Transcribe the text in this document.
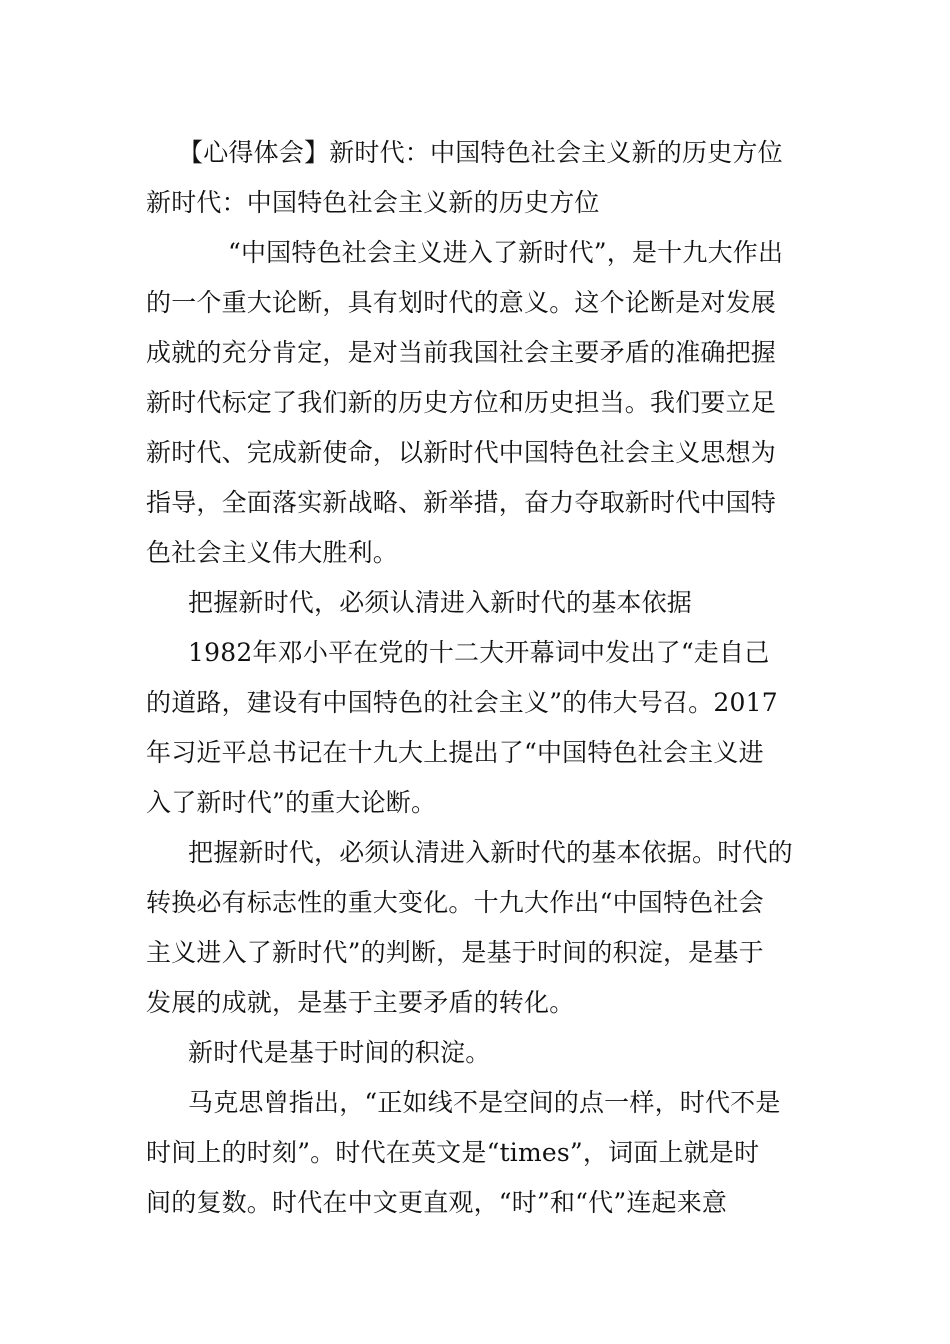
【心得体会】新时代：中国特色社会主义新的历史方位
新时代：中国特色社会主义新的历史方位
“中国特色社会主义进入了新时代”，是十九大作出
的一个重大论断，具有划时代的意义。这个论断是对发展
成就的充分肯定，是对当前我国社会主要矛盾的准确把握
新时代标定了我们新的历史方位和历史担当。我们要立足
新时代、完成新使命，以新时代中国特色社会主义思想为
指导，全面落实新战略、新举措，奋力夺取新时代中国特
色社会主义伟大胜利。
把握新时代，必须认清进入新时代的基本依据
1982年邓小平在党的十二大开幕词中发出了“走自己
的道路，建设有中国特色的社会主义”的伟大号召。2017
年习近平总书记在十九大上提出了“中国特色社会主义进
入了新时代”的重大论断。
把握新时代，必须认清进入新时代的基本依据。时代的
转换必有标志性的重大变化。十九大作出“中国特色社会
主义进入了新时代”的判断，是基于时间的积淀，是基于
发展的成就，是基于主要矛盾的转化。
新时代是基于时间的积淀。
马克思曾指出，“正如线不是空间的点一样，时代不是
时间上的时刻”。时代在英文是“times”，词面上就是时
间的复数。时代在中文更直观，“时”和“代”连起来意
